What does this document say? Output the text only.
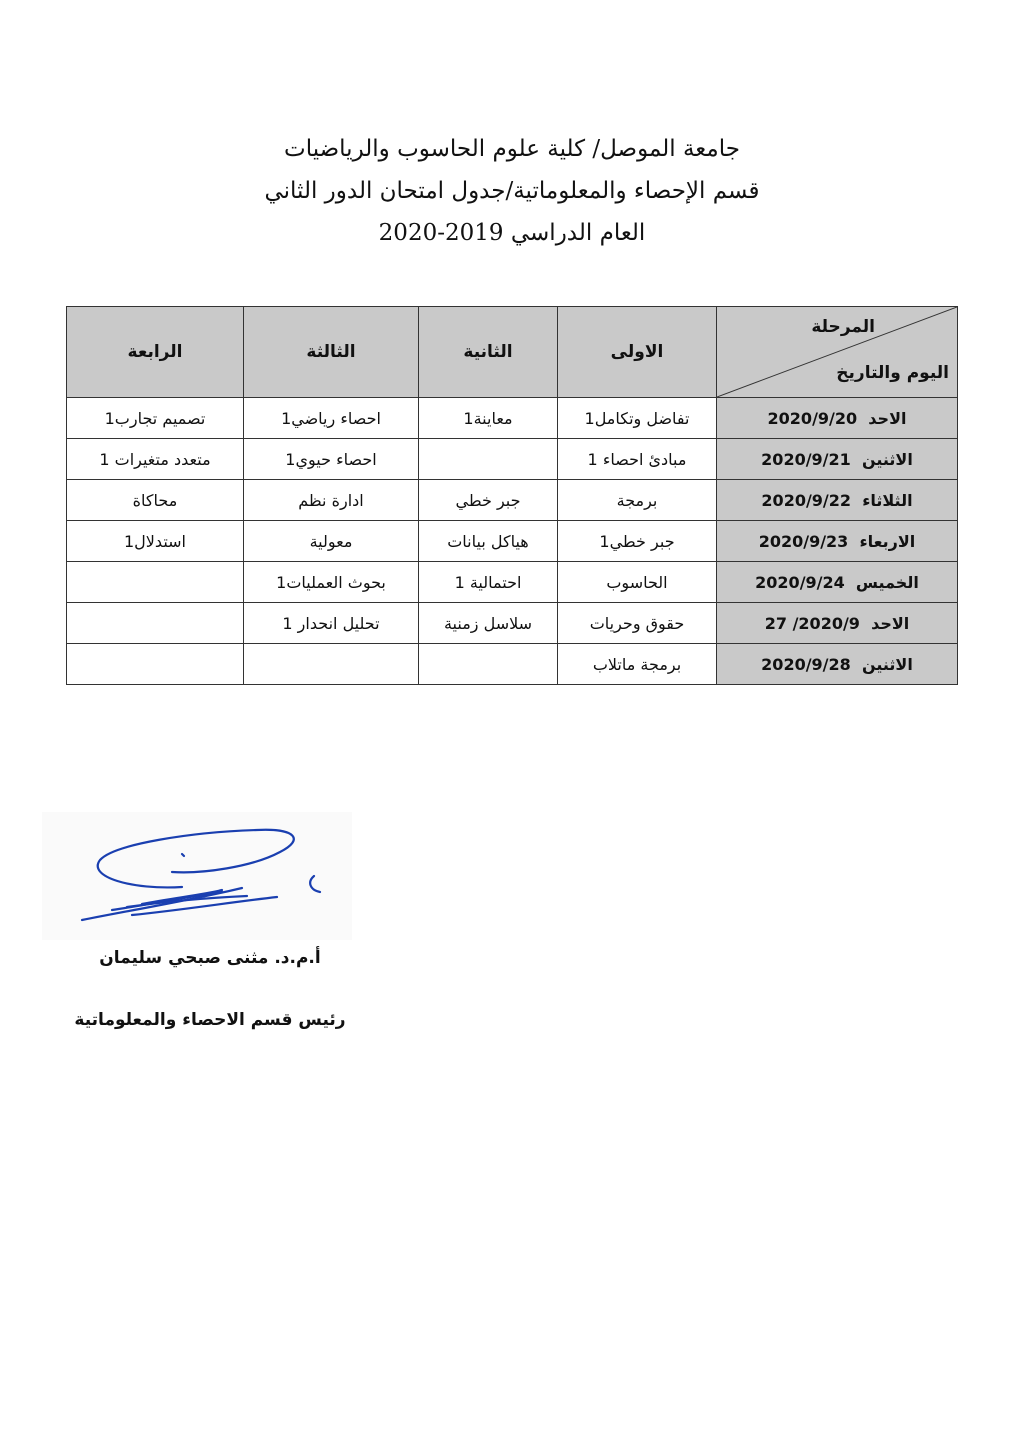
جامعة الموصل/ كلية علوم الحاسوب والرياضيات
قسم الإحصاء والمعلوماتية/جدول امتحان الدور الثاني
العام الدراسي 2019-2020
المرحلة
اليوم والتاريخ	الاولى	الثانية	الثالثة	الرابعة
الاحد  2020/9/20	تفاضل وتكامل1	معاينة1	احصاء رياضي1	تصميم تجارب1
الاثنين  2020/9/21	مبادئ احصاء 1		احصاء حيوي1	متعدد متغيرات 1
الثلاثاء  2020/9/22	برمجة	جبر خطي	ادارة نظم	محاكاة
الاربعاء  2020/9/23	جبر خطي1	هياكل بيانات	معولية	استدلال1
الخميس  2020/9/24	الحاسوب	احتمالية 1	بحوث العمليات1	
الاحد  2020/9/ 27	حقوق وحريات	سلاسل زمنية	تحليل انحدار 1	
الاثنين  2020/9/28	برمجة ماتلاب			
أ.م.د. مثنى صبحي سليمان
رئيس قسم الاحصاء والمعلوماتية
